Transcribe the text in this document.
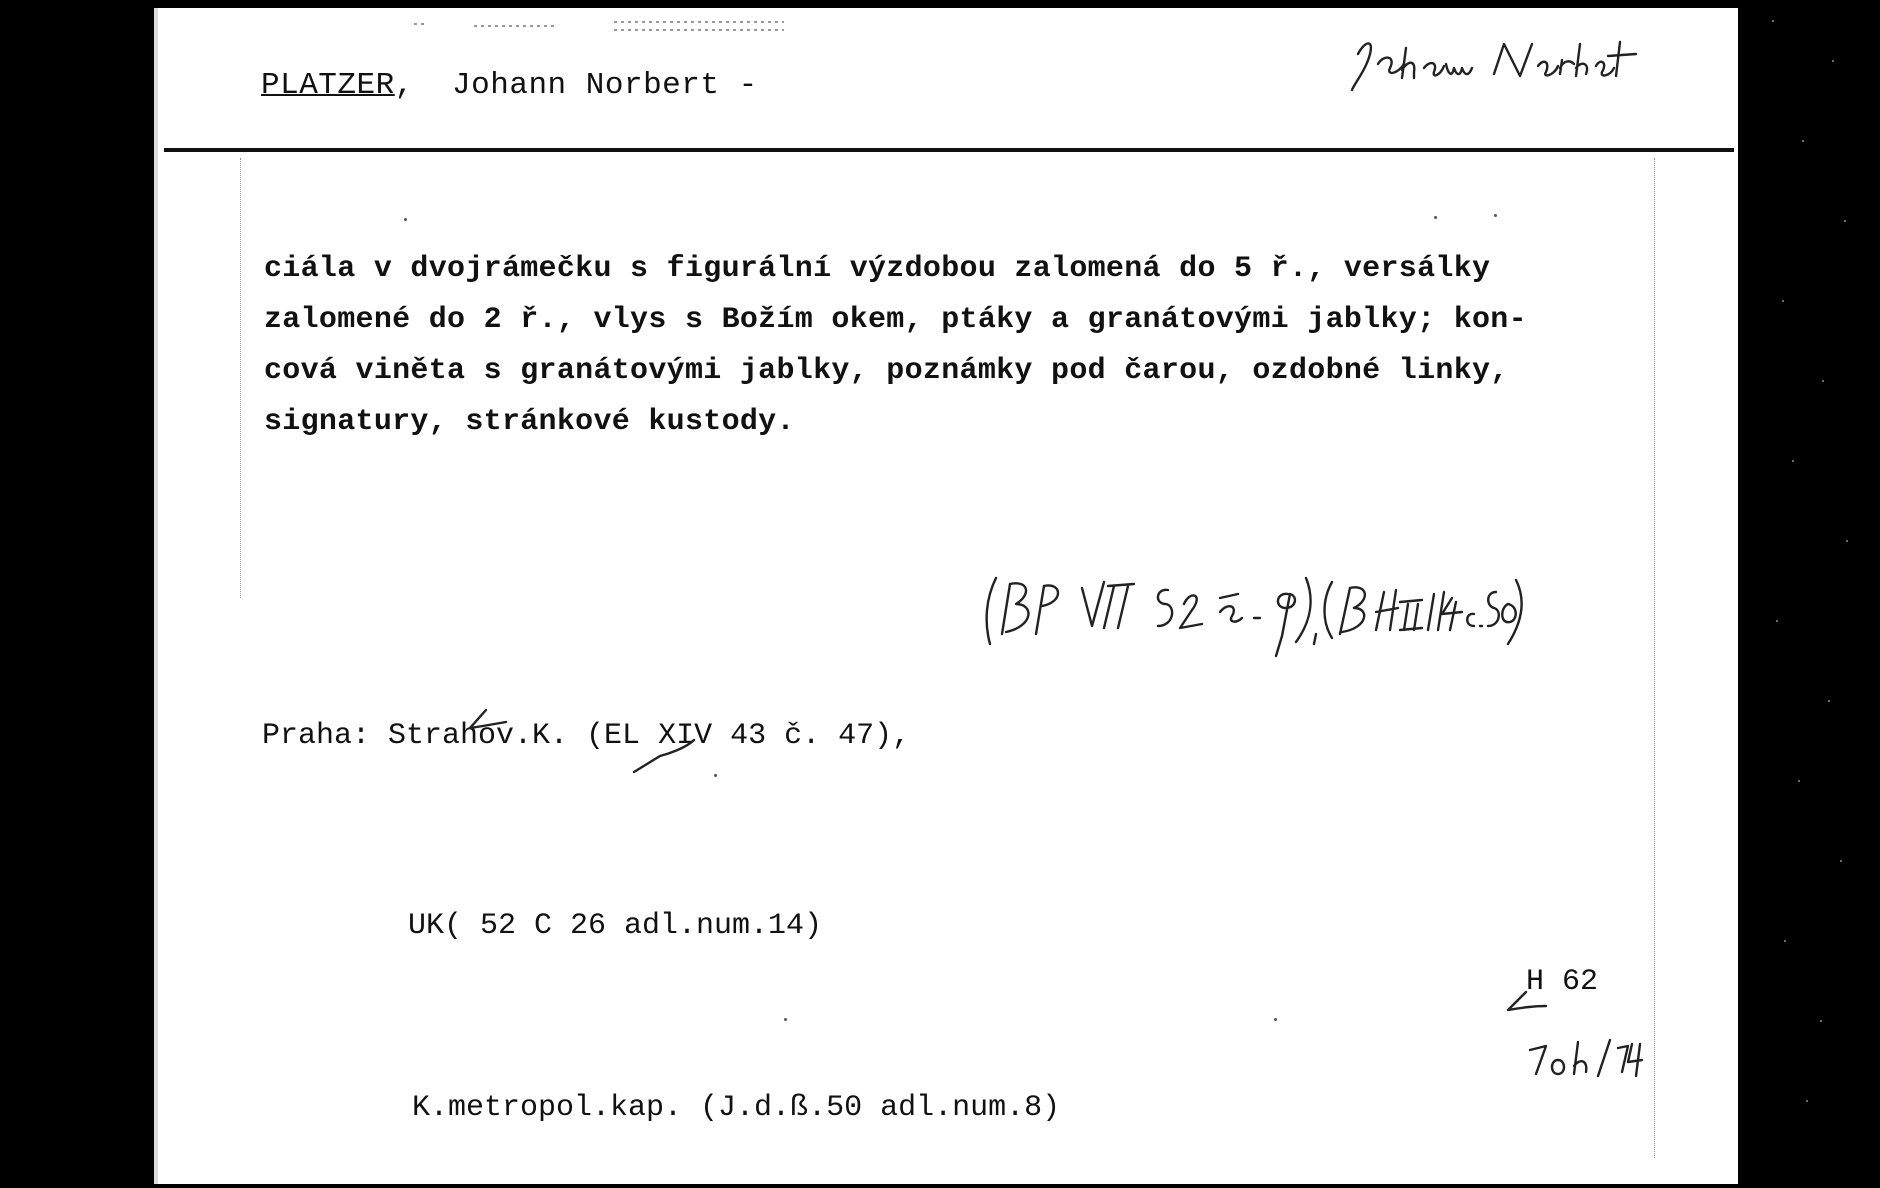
PLATZER,  Johann Norbert -
ciála v dvojrámečku s figurální výzdobou zalomená do 5 ř., versálky
zalomené do 2 ř., vlys s Božím okem, ptáky a granátovými jablky; kon-
cová viněta s granátovými jablky, poznámky pod čarou, ozdobné linky,
signatury, stránkové kustody.

Praha: Strahov.K. (EL XIV 43 č. 47),

UK( 52 C 26 adl.num.14)

K.metropol.kap. (J.d.ß.50 adl.num.8)

H 62
